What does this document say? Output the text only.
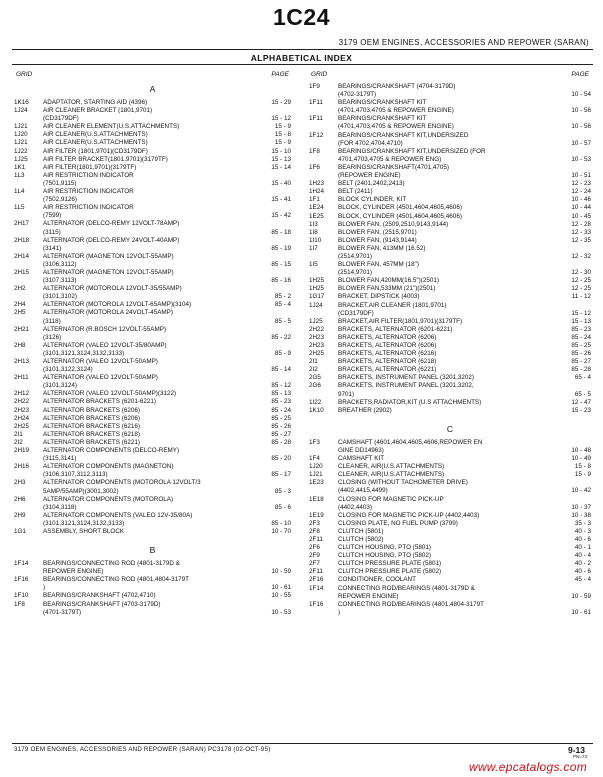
1C24
3179 OEM ENGINES, ACCESSORIES AND REPOWER (SARAN)
ALPHABETICAL INDEX
GRID	PAGE
A
1K16	ADAPTATOR, STARTING AID (4396)	15 - 29
1J24	AIR CLEANER BRACKET (1801,9701)
(CD3179DF)	15 - 12
1J21	AIR CLEANER ELEMENT(U.S.ATTACHMENTS)	15 - 9
1J20	AIR CLEANER(U.S.ATTACHMENTS)	15 - 8
1J21	AIR CLEANER(U.S.ATTACHMENTS)	15 - 9
1J22	AIR FILTER (1801,9701)(CD3179DF)	15 - 10
1J25	AIR FILTER BRACKET(1801,9701)(3179TF)	15 - 13
1K1	AIR FILTER(1801,9701)(3179TF)	15 - 14
1L3	AIR RESTRICTION INDICATOR
(7501,9115)	15 - 40
1L4	AIR RESTRICTION INDICATOR
(7502,9126)	15 - 41
1L5	AIR RESTRICTION INDICATOR
(7599)	15 - 42
2H17	ALTERNATOR (DELCO-REMY 12VOLT-78AMP)
(3115)	85 - 18
2H18	ALTERNATOR (DELCO-REMY 24VOLT-40AMP)
(3141)	85 - 19
2H14	ALTERNATOR (MAGNETON 12VOLT-55AMP)
(3106,3112)	85 - 15
2H15	ALTERNATOR (MAGNETON 12VOLT-55AMP)
(3107,3113)	85 - 16
2H2	ALTERNATOR (MOTOROLA 12VOLT-35/55AMP)
(3101,3102)	85 - 2
2H4	ALTERNATOR (MOTOROLA 12VOLT-65AMP)(3104)	85 - 4
2H5	ALTERNATOR (MOTOROLA 24VOLT-45AMP)
(3118)	85 - 5
2H21	ALTERNATOR (R.BOSCH 12VOLT-55AMP)
(3126)	85 - 22
2H8	ALTERNATOR (VALEO 12VOLT-35/80AMP)
(3101,3121,3124,3132,3133)	85 - 9
2H13	ALTERNATOR (VALEO 12VOLT-50AMP)
(3101,3122,3124)	85 - 14
2H11	ALTERNATOR (VALEO 12VOLT-50AMP)
(3101,3124)	85 - 12
2H12	ALTERNATOR (VALEO 12VOLT-50AMP)(3122)	85 - 13
2H22	ALTERNATOR BRACKETS (6201-6221)	85 - 23
2H23	ALTERNATOR BRACKETS (6206)	85 - 24
2H24	ALTERNATOR BRACKETS (6206)	85 - 25
2H25	ALTERNATOR BRACKETS (6216)	85 - 26
2I1	ALTERNATOR BRACKETS (6218)	85 - 27
2I2	ALTERNATOR BRACKETS (6221)	85 - 28
2H19	ALTERNATOR COMPONENTS (DELCO-REMY)
(3115,3141)	85 - 20
2H16	ALTERNATOR COMPONENTS (MAGNETON)
(3106,3107,3112,3113)	85 - 17
2H3	ALTERNATOR COMPONENTS (MOTOROLA 12VOLT/3
5AMP/55AMP)(3001,3002)	85 - 3
2H6	ALTERNATOR COMPONENTS (MOTOROLA)
(3104,3118)	85 - 6
2H9	ALTERNATOR COMPONENTS (VALEO 12V-35/80A)
(3101,3121,3124,3132,3133)	85 - 10
1G1	ASSEMBLY, SHORT BLOCK	10 - 70
B
1F14	BEARINGS/CONNECTING ROD (4801-3179D &
REPOWER ENGINE)	10 - 59
1F16	BEARINGS/CONNECTING ROD (4801,4804-3179T
)	10 - 61
1F10	BEARINGS/CRANKSHAFT (4702,4710)	10 - 55
1F8	BEARINGS/CRANKSHAFT (4703-3179D)
(4701-3179T)	10 - 53
GRID	PAGE
1F9	BEARINGS/CRANKSHAFT (4704-3179D)
(4702-3179T)	10 - 54
1F11	BEARINGS/CRANKSHAFT KIT
(4701,4703,4705 & REPOWER ENGINE)	10 - 56
1F11	BEARINGS/CRANKSHAFT KIT
(4701,4703,4705 & REPOWER ENGINE)	10 - 56
1F12	BEARINGS/CRANKSHAFT KIT,UNDERSIZED
(FOR 4702,4704,4710)	10 - 57
1F8	BEARINGS/CRANKSHAFT KIT,UNDERSIZED (FOR
4701,4703,4705 & REPOWER ENG)	10 - 53
1F6	BEARINGS/CRANKSHAFT(4701,4705)
(REPOWER ENGINE)	10 - 51
1H23	BELT (2401,2402,2413)	12 - 23
1H24	BELT (2411)	12 - 24
1F1	BLOCK CYLINDER, KIT	10 - 46
1E24	BLOCK, CYLINDER (4501,4604,4605,4606)	10 - 44
1E25	BLOCK, CYLINDER (4501,4604,4605,4606)	10 - 45
1I3	BLOWER FAN, (2509,2510,9143,9144)	12 - 28
1I8	BLOWER FAN, (2515,9701)	12 - 33
1I10	BLOWER FAN, (9143,9144)	12 - 35
1I7	BLOWER FAN, 413MM (16.52)
(2514,9701)	12 - 32
1I5	BLOWER FAN, 457MM (18")
(2514,9701)	12 - 30
1H25	BLOWER FAN,420MM(16.5")(2501)	12 - 25
1H25	BLOWER FAN,533MM (21")(2501)	12 - 25
1G17	BRACKET, DIPSTICK (4003)	11 - 12
1J24	BRACKET,AIR CLEANER (1801,9701)
(CD3179DF)	15 - 12
1J25	BRACKET,AIR FILTER(1801,9701)(3179TF)	15 - 13
2H22	BRACKETS, ALTERNATOR (6201-6221)	85 - 23
2H23	BRACKETS, ALTERNATOR (6206)	85 - 24
2H23	BRACKETS, ALTERNATOR (6206)	85 - 25
2H25	BRACKETS, ALTERNATOR (6216)	85 - 26
2I1	BRACKETS, ALTERNATOR (6218)	85 - 27
2I2	BRACKETS, ALTERNATOR (6221)	85 - 28
2G5	BRACKETS, INSTRUMENT PANEL (3201,3202)	65 - 4
2G6	BRACKETS, INSTRUMENT PANEL (3201,3202,
9701)	65 - 5
1I22	BRACKETS,RADIATOR,KIT (U.S ATTACHMENTS)	12 - 47
1K10	BREATHER (2902)	15 - 23
C
1F3	CAMSHAFT (4601,4604,4605,4606,REPOWER EN
GINE DD14963)	10 - 48
1F4	CAMSHAFT KIT	10 - 49
1J20	CLEANER, AIR(U.S.ATTACHMENTS)	15 - 8
1J21	CLEANER, AIR(U.S.ATTACHMENTS)	15 - 9
1E23	CLOSING (WITHOUT TACHOMETER DRIVE)
(4402,4415,4499)	10 - 42
1E18	CLOSING FOR MAGNETIC PICK-UP
(4402,4403)	10 - 37
1E19	CLOSING FOR MAGNETIC PICK-UP (4402,4403)	10 - 38
2F3	CLOSING PLATE, NO FUEL PUMP (3799)	35 - 3
2F8	CLUTCH (5801)	40 - 3
2F11	CLUTCH (5802)	40 - 6
2F6	CLUTCH HOUSING, PTO (5801)	40 - 1
2F9	CLUTCH HOUSING, PTO (5802)	40 - 4
2F7	CLUTCH PRESSURE PLATE (5801)	40 - 2
2F11	CLUTCH PRESSURE PLATE (5802)	40 - 6
2F16	CONDITIONER, COOLANT	45 - 4
1F14	CONNECTING ROD/BEARINGS (4801-3179D &
REPOWER ENGINE)	10 - 59
1F16	CONNECTING ROD/BEARINGS (4801,4804-3179T
)	10 - 61
3179 OEM ENGINES, ACCESSORIES AND REPOWER (SARAN) PC3178 (02-OCT-95)	9-13
PN=73
www.epcatalogs.com
